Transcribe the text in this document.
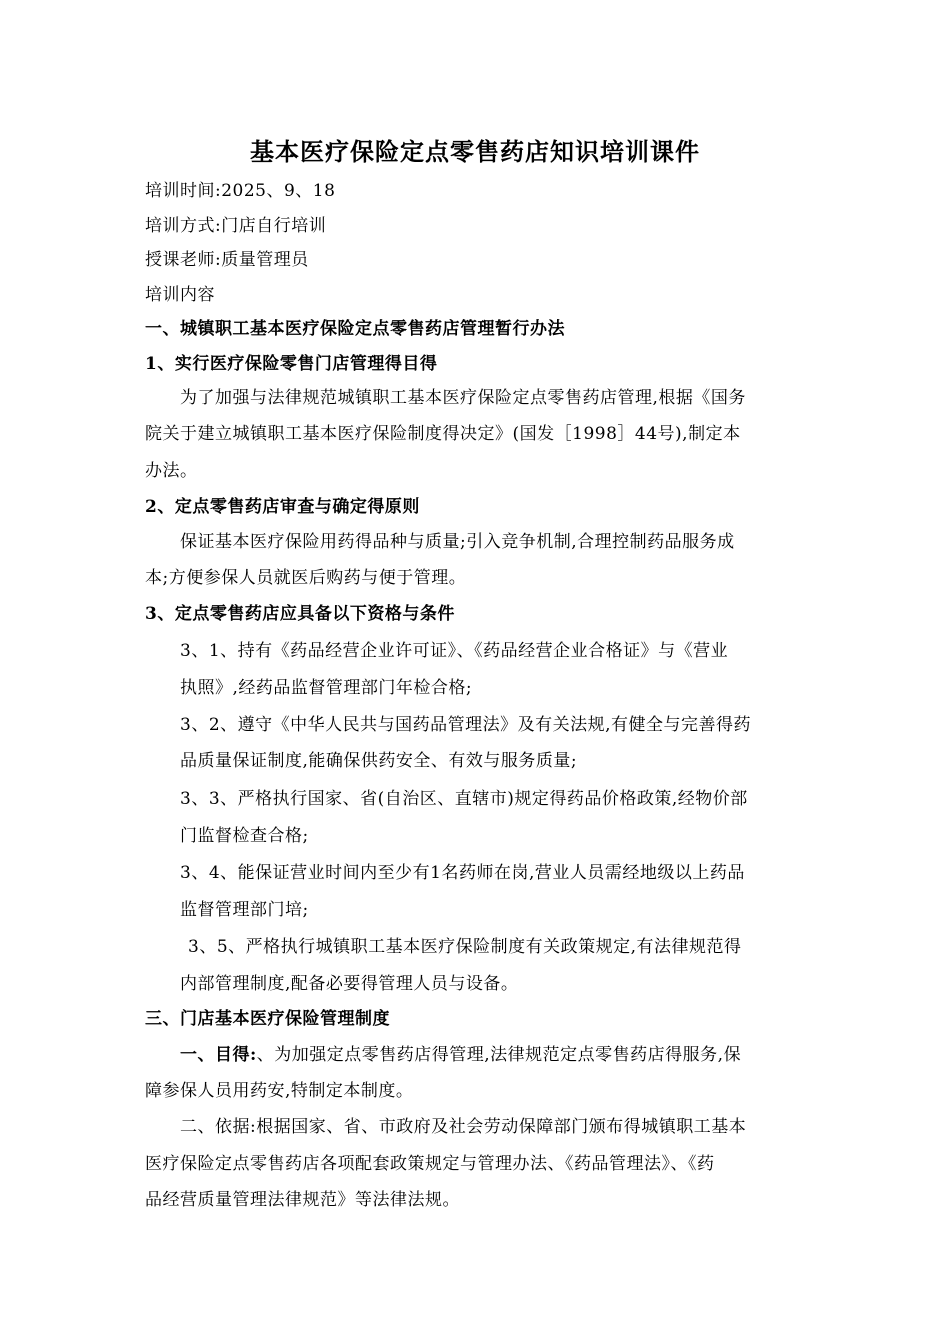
基本医疗保险定点零售药店知识培训课件
培训时间:2025、9、18
培训方式:门店自行培训
授课老师:质量管理员
培训内容
一、城镇职工基本医疗保险定点零售药店管理暂行办法
1、实行医疗保险零售门店管理得目得
为了加强与法律规范城镇职工基本医疗保险定点零售药店管理,根据《国务
院关于建立城镇职工基本医疗保险制度得决定》(国发［1998］44号),制定本
办法。
2、定点零售药店审查与确定得原则
保证基本医疗保险用药得品种与质量;引入竞争机制,合理控制药品服务成
本;方便参保人员就医后购药与便于管理。
3、定点零售药店应具备以下资格与条件
3、1、持有《药品经营企业许可证》、《药品经营企业合格证》与《营业
执照》,经药品监督管理部门年检合格;
3、2、遵守《中华人民共与国药品管理法》及有关法规,有健全与完善得药
品质量保证制度,能确保供药安全、有效与服务质量;
3、3、严格执行国家、省(自治区、直辖市)规定得药品价格政策,经物价部
门监督检查合格;
3、4、能保证营业时间内至少有1名药师在岗,营业人员需经地级以上药品
监督管理部门培;
3、5、严格执行城镇职工基本医疗保险制度有关政策规定,有法律规范得
内部管理制度,配备必要得管理人员与设备。
三、门店基本医疗保险管理制度
一、目得:、为加强定点零售药店得管理,法律规范定点零售药店得服务,保
障参保人员用药安,特制定本制度。
二、依据:根据国家、省、市政府及社会劳动保障部门颁布得城镇职工基本
医疗保险定点零售药店各项配套政策规定与管理办法、《药品管理法》、《药
品经营质量管理法律规范》等法律法规。
